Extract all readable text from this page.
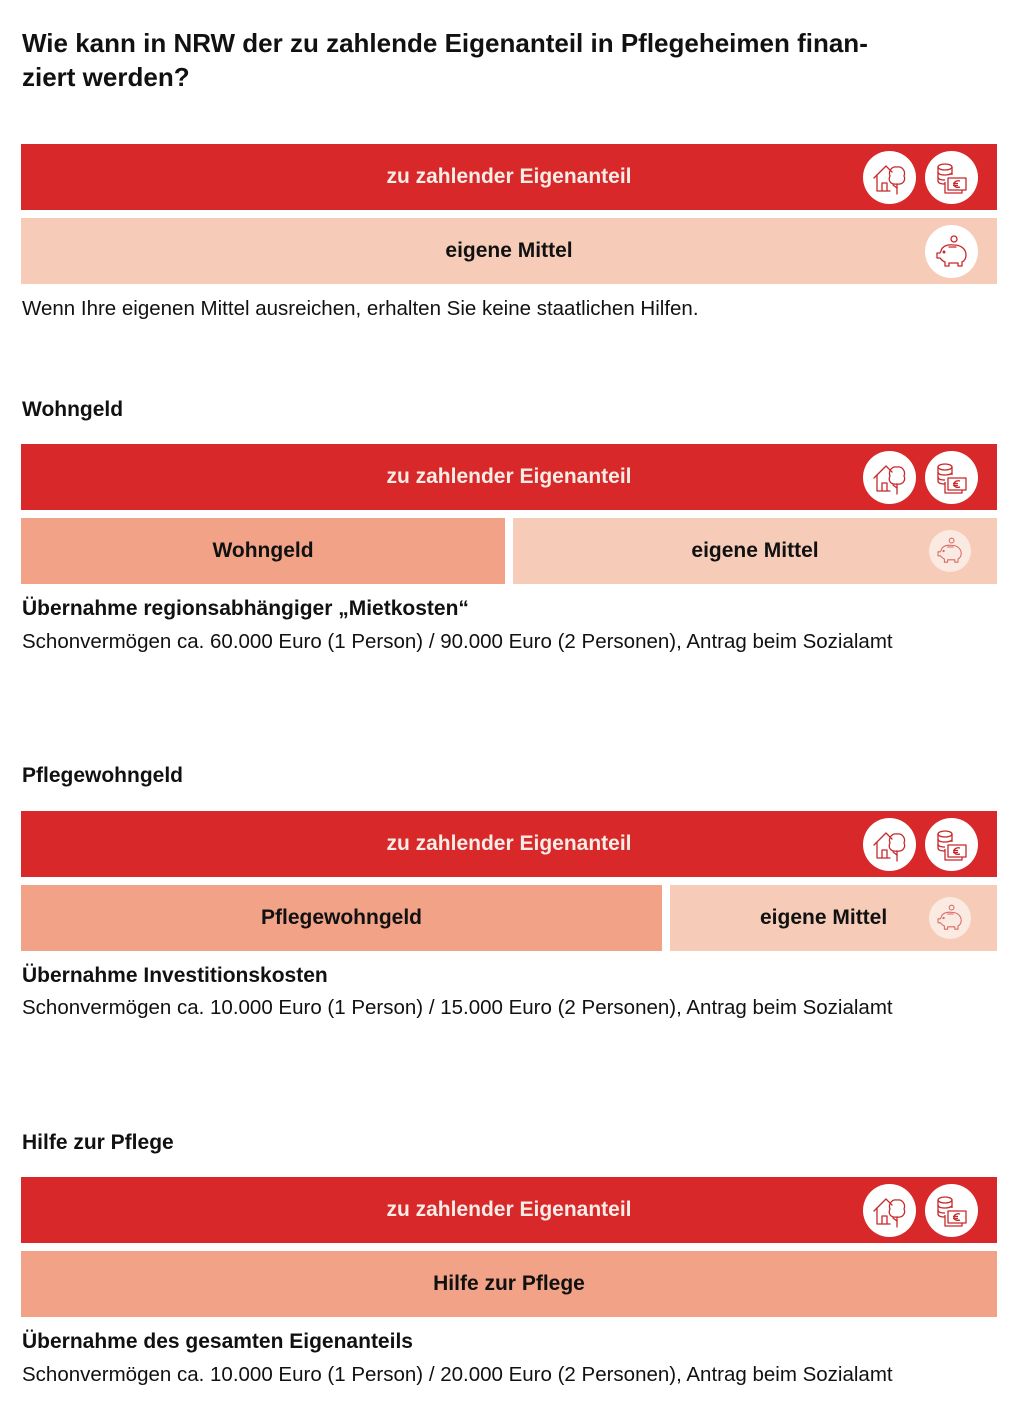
Wie kann in NRW der zu zahlende Eigenanteil in Pflegeheimen finan-
ziert werden?
zu zahlender Eigenanteil
eigene Mittel

Wenn Ihre eigenen Mittel ausreichen, erhalten Sie keine staatlichen Hilfen.

Wohngeld
zu zahlender Eigenanteil
Wohngeld	eigene Mittel

Übernahme regionsabhängiger „Mietkosten“

Schonvermögen ca. 60.000 Euro (1 Person) / 90.000 Euro (2 Personen), Antrag beim Sozialamt

Pflegewohngeld
zu zahlender Eigenanteil
Pflegewohngeld	eigene Mittel

Übernahme Investitionskosten

Schonvermögen ca. 10.000 Euro (1 Person) / 15.000 Euro (2 Personen), Antrag beim Sozialamt

Hilfe zur Pflege
zu zahlender Eigenanteil
Hilfe zur Pflege

Übernahme des gesamten Eigenanteils

Schonvermögen ca. 10.000 Euro (1 Person) / 20.000 Euro (2 Personen), Antrag beim Sozialamt
